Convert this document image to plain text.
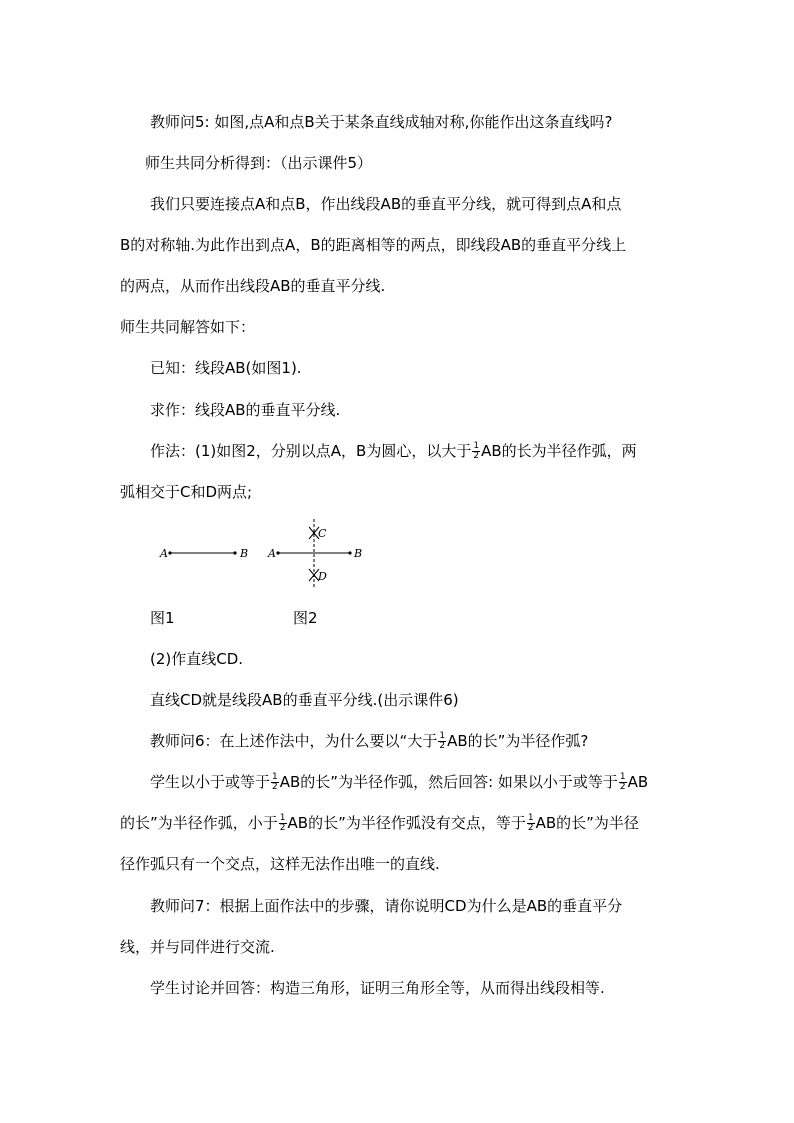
教师问5: 如图,点A和点B关于某条直线成轴对称,你能作出这条直线吗?
师生共同分析得到：（出示课件5）
我们只要连接点A和点B，作出线段AB的垂直平分线，就可得到点A和点
B的对称轴.为此作出到点A，B的距离相等的两点，即线段AB的垂直平分线上
的两点，从而作出线段AB的垂直平分线.
师生共同解答如下：
已知：线段AB(如图1).
求作：线段AB的垂直平分线.
作法：(1)如图2，分别以点A，B为圆心，以大于 $\frac{1}{2}$ AB的长为半径作弧，两
弧相交于C和D两点;
A	B A	B
C
D
图1	图2
(2)作直线CD.
直线CD就是线段AB的垂直平分线.(出示课件6)
教师问6：在上述作法中，为什么要以“大于 $\frac{1}{2}$ AB的长”为半径作弧?
学生以小于或等于 $\frac{1}{2}$ AB的长”为半径作弧，然后回答: 如果以小于或等于 $\frac{1}{2}$ AB
的长”为半径作弧，小于 $\frac{1}{2}$ AB的长”为半径作弧没有交点，等于 $\frac{1}{2}$ AB的长”为半径
径作弧只有一个交点，这样无法作出唯一的直线.
教师问7：根据上面作法中的步骤，请你说明CD为什么是AB的垂直平分
线，并与同伴进行交流.
学生讨论并回答：构造三角形，证明三角形全等，从而得出线段相等.
